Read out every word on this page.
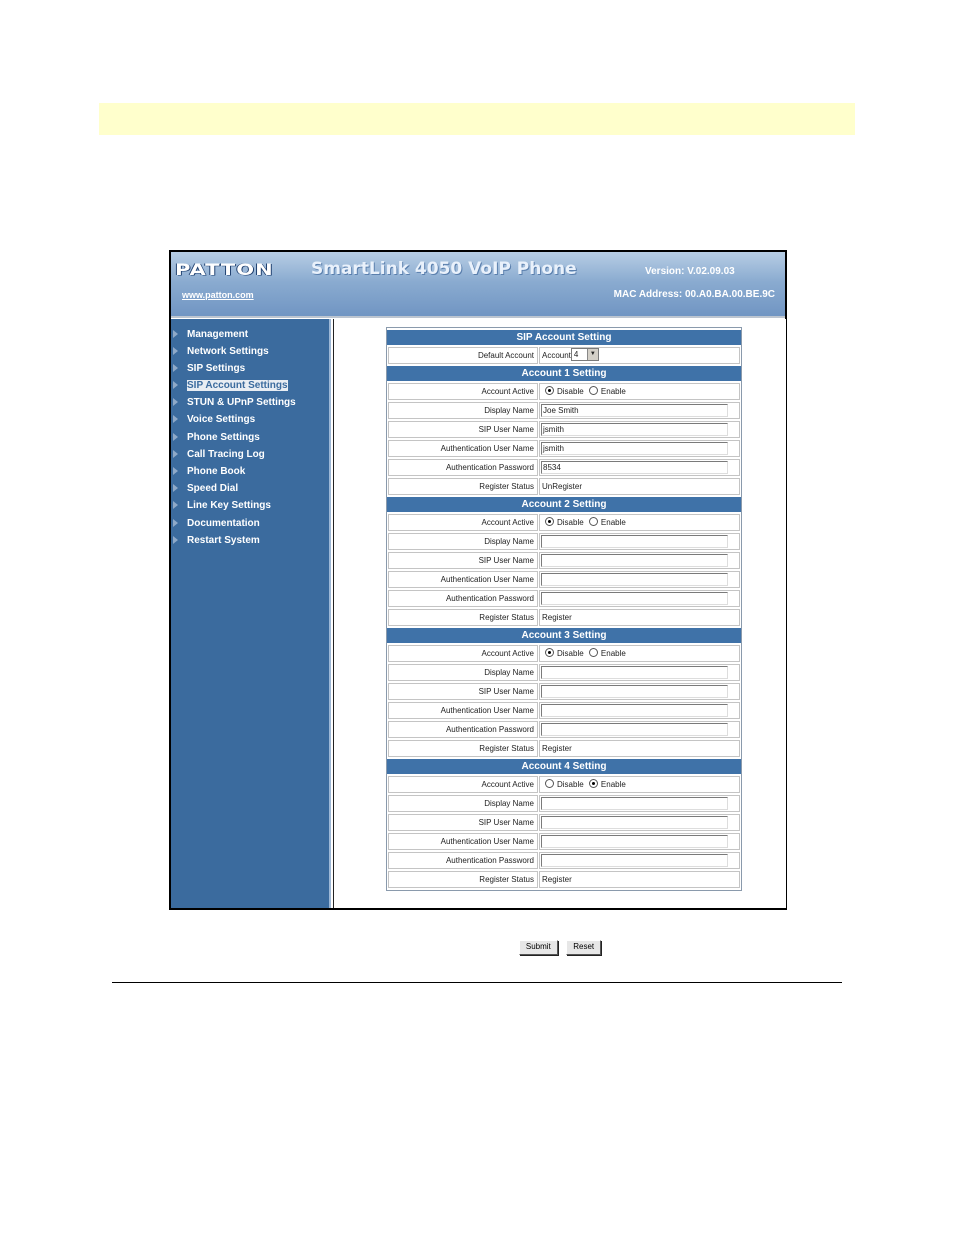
PATTON SmartLink 4050 VoIP Phone	Version: V.02.09.03
www.patton.com	MAC Address: 00.A0.BA.00.BE.9C
Management
Network Settings
SIP Settings
SIP Account Settings
STUN & UPnP Settings
Voice Settings
Phone Settings
Call Tracing Log
Phone Book
Speed Dial
Line Key Settings
Documentation
Restart System
SIP Account Setting
Default Account	Account 4	▼
Account 1 Setting
Account Active	Disable Enable
Display Name	Joe Smith
SIP User Name	jsmith
Authentication User Name	jsmith
Authentication Password	8534
Register Status	UnRegister
Account 2 Setting
Account Active	Disable Enable
Display Name
SIP User Name
Authentication User Name
Authentication Password
Register Status	Register
Account 3 Setting
Account Active	Disable Enable
Display Name
SIP User Name
Authentication User Name
Authentication Password
Register Status	Register
Account 4 Setting
Account Active	Disable Enable
Display Name
SIP User Name
Authentication User Name
Authentication Password
Register Status	Register
Submit	Reset
